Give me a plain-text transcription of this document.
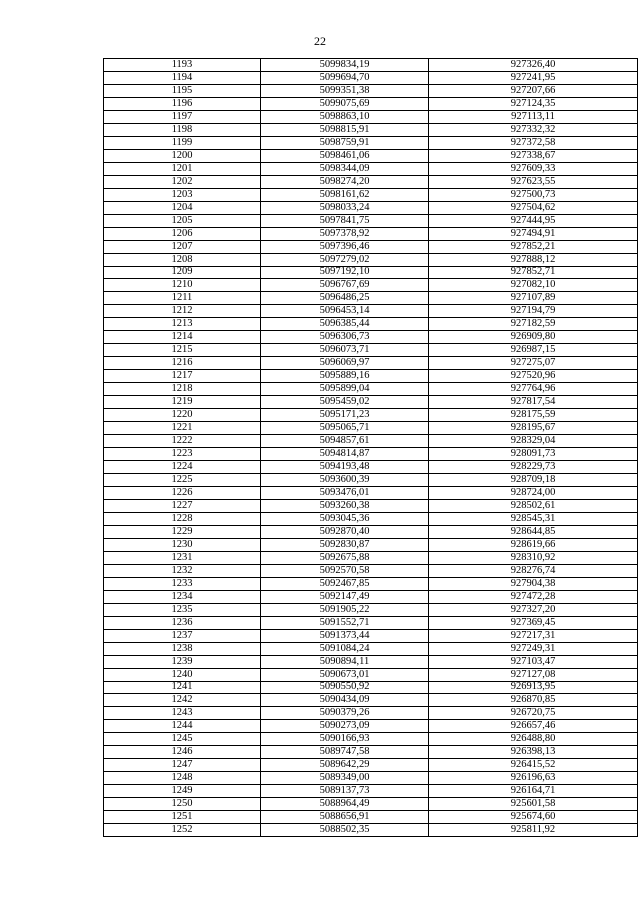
22
1193	5099834,19	927326,40
1194	5099694,70	927241,95
1195	5099351,38	927207,66
1196	5099075,69	927124,35
1197	5098863,10	927113,11
1198	5098815,91	927332,32
1199	5098759,91	927372,58
1200	5098461,06	927338,67
1201	5098344,09	927609,33
1202	5098274,20	927623,55
1203	5098161,62	927500,73
1204	5098033,24	927504,62
1205	5097841,75	927444,95
1206	5097378,92	927494,91
1207	5097396,46	927852,21
1208	5097279,02	927888,12
1209	5097192,10	927852,71
1210	5096767,69	927082,10
1211	5096486,25	927107,89
1212	5096453,14	927194,79
1213	5096385,44	927182,59
1214	5096306,73	926909,80
1215	5096073,71	926987,15
1216	5096069,97	927275,07
1217	5095889,16	927520,96
1218	5095899,04	927764,96
1219	5095459,02	927817,54
1220	5095171,23	928175,59
1221	5095065,71	928195,67
1222	5094857,61	928329,04
1223	5094814,87	928091,73
1224	5094193,48	928229,73
1225	5093600,39	928709,18
1226	5093476,01	928724,00
1227	5093260,38	928502,61
1228	5093045,36	928545,31
1229	5092870,40	928644,85
1230	5092830,87	928619,66
1231	5092675,88	928310,92
1232	5092570,58	928276,74
1233	5092467,85	927904,38
1234	5092147,49	927472,28
1235	5091905,22	927327,20
1236	5091552,71	927369,45
1237	5091373,44	927217,31
1238	5091084,24	927249,31
1239	5090894,11	927103,47
1240	5090673,01	927127,08
1241	5090550,92	926913,95
1242	5090434,09	926870,85
1243	5090379,26	926720,75
1244	5090273,09	926657,46
1245	5090166,93	926488,80
1246	5089747,58	926398,13
1247	5089642,29	926415,52
1248	5089349,00	926196,63
1249	5089137,73	926164,71
1250	5088964,49	925601,58
1251	5088656,91	925674,60
1252	5088502,35	925811,92
